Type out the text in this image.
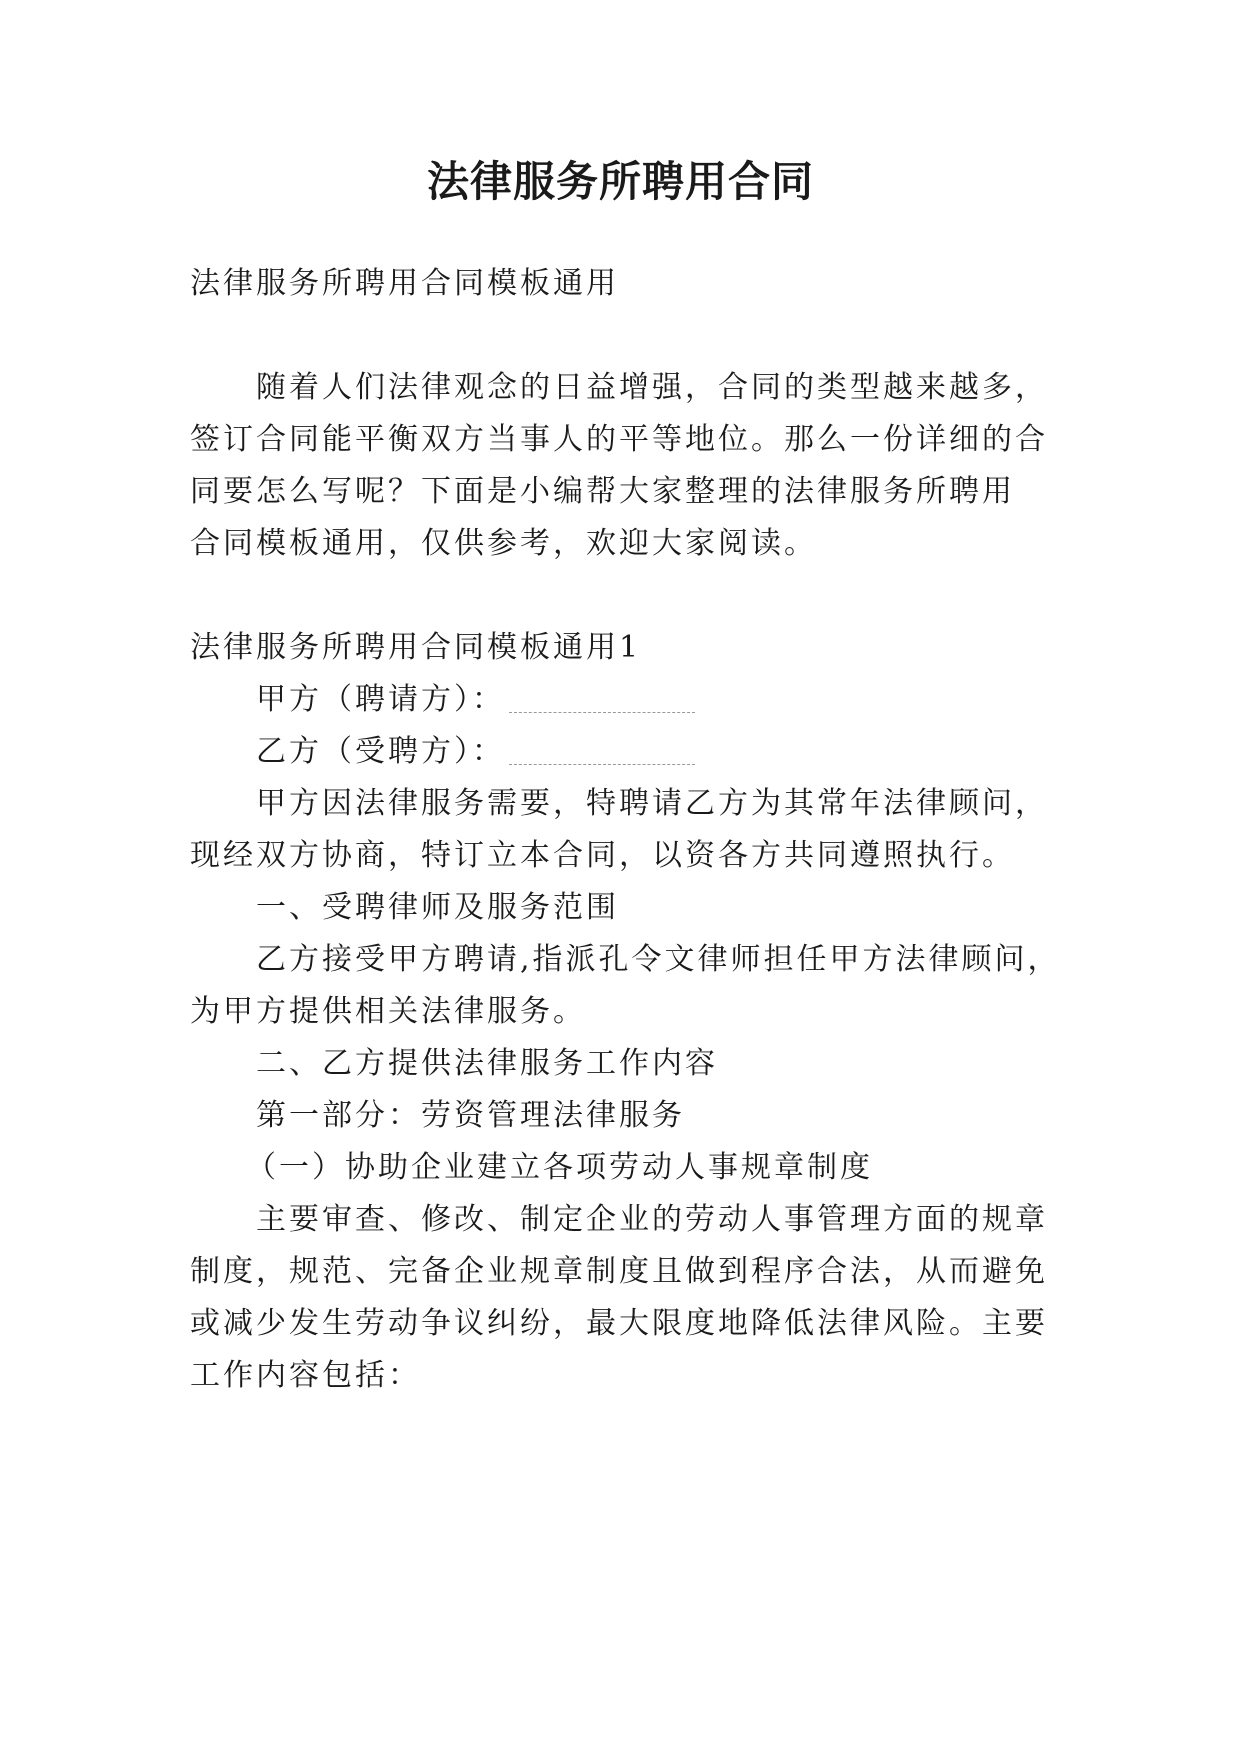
法律服务所聘用合同
法律服务所聘用合同模板通用
随着人们法律观念的日益增强，合同的类型越来越多，
签订合同能平衡双方当事人的平等地位。那么一份详细的合
同要怎么写呢？下面是小编帮大家整理的法律服务所聘用
合同模板通用，仅供参考，欢迎大家阅读。
法律服务所聘用合同模板通用1
甲方（聘请方）：
乙方（受聘方）：
甲方因法律服务需要，特聘请乙方为其常年法律顾问，
现经双方协商，特订立本合同，以资各方共同遵照执行。
一、受聘律师及服务范围
乙方接受甲方聘请,指派孔令文律师担任甲方法律顾问，
为甲方提供相关法律服务。
二、乙方提供法律服务工作内容
第一部分：劳资管理法律服务
（一）协助企业建立各项劳动人事规章制度
主要审查、修改、制定企业的劳动人事管理方面的规章
制度，规范、完备企业规章制度且做到程序合法，从而避免
或减少发生劳动争议纠纷，最大限度地降低法律风险。主要
工作内容包括：
